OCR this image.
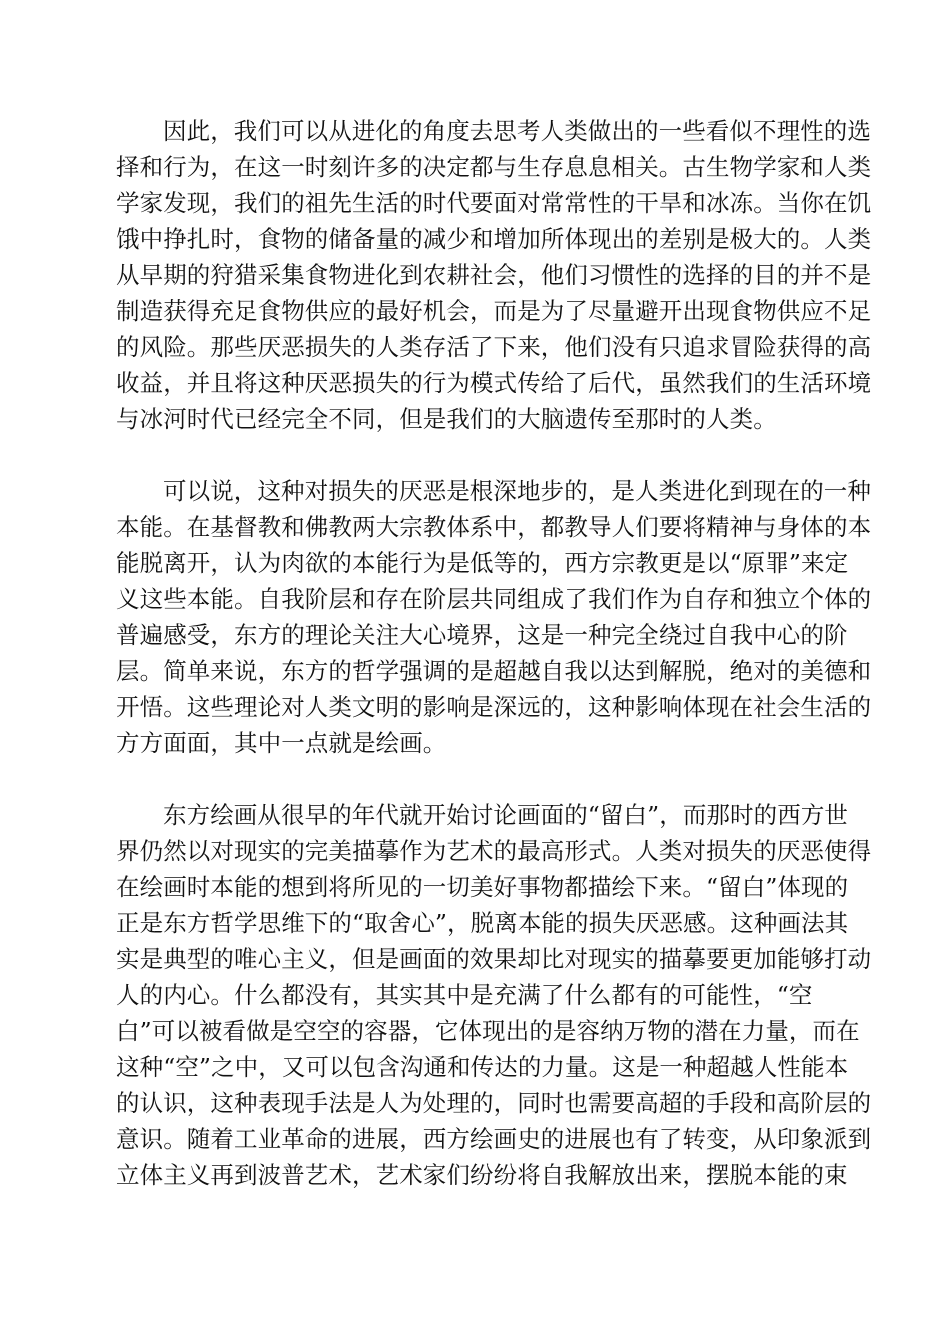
因此，我们可以从进化的角度去思考人类做出的一些看似不理性的选
择和行为，在这一时刻许多的决定都与生存息息相关。古生物学家和人类
学家发现，我们的祖先生活的时代要面对常常性的干旱和冰冻。当你在饥
饿中挣扎时，食物的储备量的减少和增加所体现出的差别是极大的。人类
从早期的狩猎采集食物进化到农耕社会，他们习惯性的选择的目的并不是
制造获得充足食物供应的最好机会，而是为了尽量避开出现食物供应不足
的风险。那些厌恶损失的人类存活了下来，他们没有只追求冒险获得的高
收益，并且将这种厌恶损失的行为模式传给了后代，虽然我们的生活环境
与冰河时代已经完全不同，但是我们的大脑遗传至那时的人类。
可以说，这种对损失的厌恶是根深地步的，是人类进化到现在的一种
本能。在基督教和佛教两大宗教体系中，都教导人们要将精神与身体的本
能脱离开，认为肉欲的本能行为是低等的，西方宗教更是以“原罪”来定
义这些本能。自我阶层和存在阶层共同组成了我们作为自存和独立个体的
普遍感受，东方的理论关注大心境界，这是一种完全绕过自我中心的阶
层。简单来说，东方的哲学强调的是超越自我以达到解脱，绝对的美德和
开悟。这些理论对人类文明的影响是深远的，这种影响体现在社会生活的
方方面面，其中一点就是绘画。
东方绘画从很早的年代就开始讨论画面的“留白”，而那时的西方世
界仍然以对现实的完美描摹作为艺术的最高形式。人类对损失的厌恶使得
在绘画时本能的想到将所见的一切美好事物都描绘下来。“留白”体现的
正是东方哲学思维下的“取舍心”，脱离本能的损失厌恶感。这种画法其
实是典型的唯心主义，但是画面的效果却比对现实的描摹要更加能够打动
人的内心。什么都没有，其实其中是充满了什么都有的可能性，“空
白”可以被看做是空空的容器，它体现出的是容纳万物的潜在力量，而在
这种“空”之中，又可以包含沟通和传达的力量。这是一种超越人性能本
的认识，这种表现手法是人为处理的，同时也需要高超的手段和高阶层的
意识。随着工业革命的进展，西方绘画史的进展也有了转变，从印象派到
立体主义再到波普艺术，艺术家们纷纷将自我解放出来，摆脱本能的束
